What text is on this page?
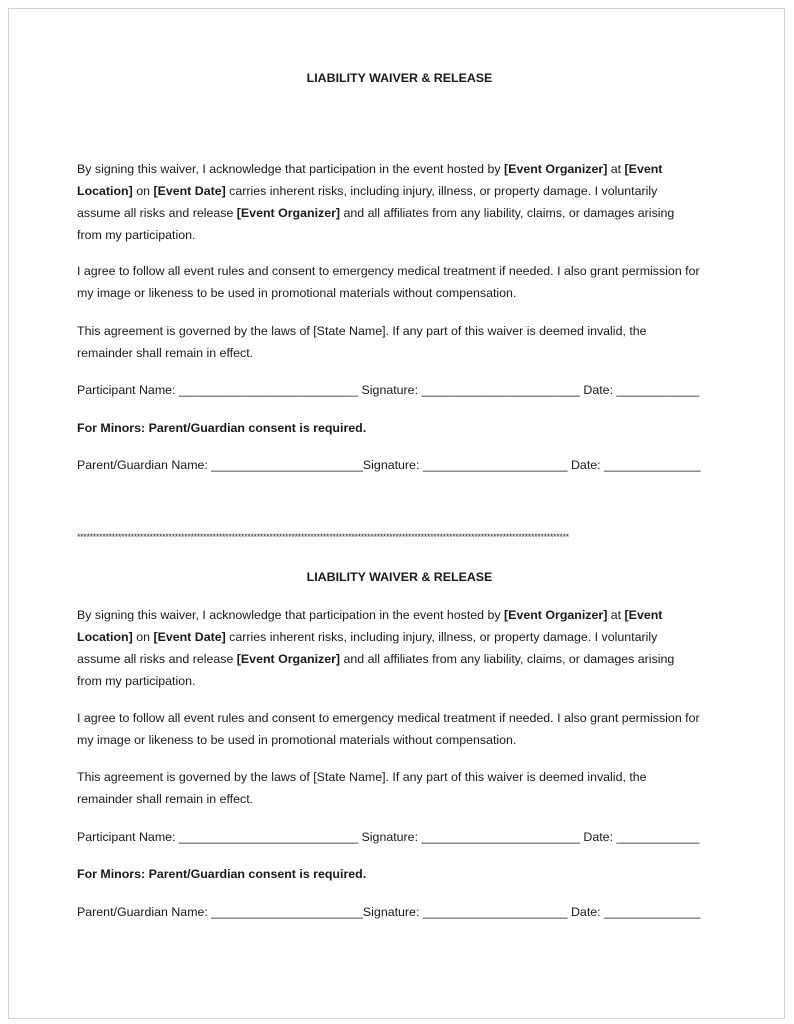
LIABILITY WAIVER & RELEASE
By signing this waiver, I acknowledge that participation in the event hosted by [Event Organizer] at [Event
Location] on [Event Date] carries inherent risks, including injury, illness, or property damage. I voluntarily
assume all risks and release [Event Organizer] and all affiliates from any liability, claims, or damages arising
from my participation.
I agree to follow all event rules and consent to emergency medical treatment if needed. I also grant permission for
my image or likeness to be used in promotional materials without compensation.
This agreement is governed by the laws of [State Name]. If any part of this waiver is deemed invalid, the
remainder shall remain in effect.
Participant Name: __________________________ Signature: _______________________ Date: ____________
For Minors: Parent/Guardian consent is required.
Parent/Guardian Name: ______________________Signature: _____________________ Date: ______________
************************************************************************************************************************************************************
LIABILITY WAIVER & RELEASE
By signing this waiver, I acknowledge that participation in the event hosted by [Event Organizer] at [Event
Location] on [Event Date] carries inherent risks, including injury, illness, or property damage. I voluntarily
assume all risks and release [Event Organizer] and all affiliates from any liability, claims, or damages arising
from my participation.
I agree to follow all event rules and consent to emergency medical treatment if needed. I also grant permission for
my image or likeness to be used in promotional materials without compensation.
This agreement is governed by the laws of [State Name]. If any part of this waiver is deemed invalid, the
remainder shall remain in effect.
Participant Name: __________________________ Signature: _______________________ Date: ____________
For Minors: Parent/Guardian consent is required.
Parent/Guardian Name: ______________________Signature: _____________________ Date: ______________
